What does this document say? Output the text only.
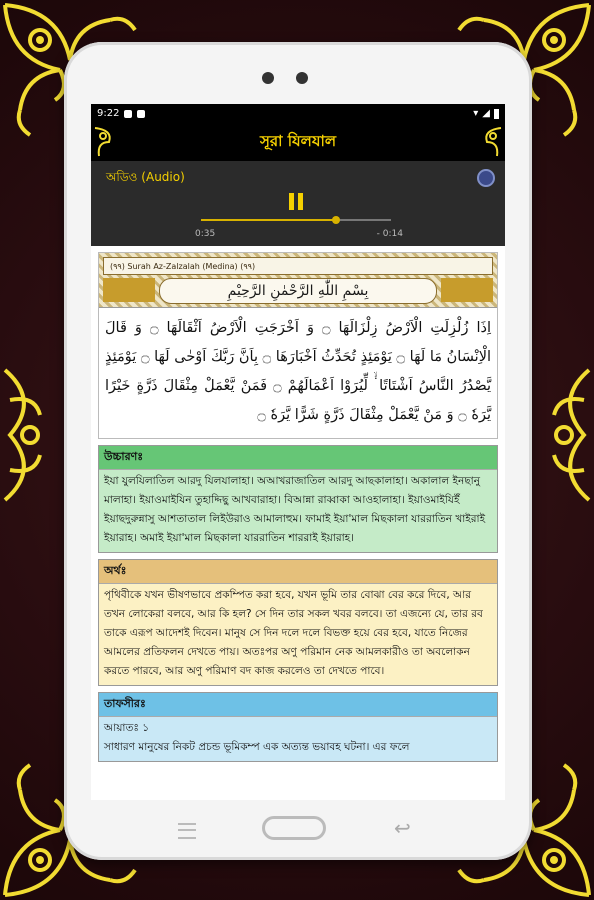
9:22	▾ ◢
সূরা যিলযাল
অডিও (Audio)
0:35	- 0:14
(٩٩) Surah Az-Zalzalah (Medina) (٩٩)
بِسْمِ اللّٰهِ الرَّحْمٰنِ الرَّحِیْمِ
اِذَا زُلْزِلَتِ الْاَرْضُ زِلْزَالَهَا ۝ وَ اَخْرَجَتِ الْاَرْضُ اَثْقَالَهَا ۝ وَ قَالَ الْاِنْسَانُ مَا لَهَا ۝ یَوْمَئِذٍ تُحَدِّثُ اَخْبَارَهَا ۝ بِاَنَّ رَبَّكَ اَوْحٰی لَهَا ۝ یَوْمَئِذٍ یَّصْدُرُ النَّاسُ اَشْتَاتًا ۬ۙ لِّیُرَوْا اَعْمَالَهُمْ ۝ فَمَنْ یَّعْمَلْ مِثْقَالَ ذَرَّةٍ خَیْرًا یَّرَهٗ ۝ وَ مَنْ یَّعْمَلْ مِثْقَالَ ذَرَّةٍ شَرًّا یَّرَهٗ ۝
উচ্চারণঃ
ইযা যুলযিলাতিল আরদু যিলযালাহা। অআখরাজাতিল আরদু আছকালাহা। অকালাল ইনছানু মালাহা। ইয়াওমাইযিন তুহাদ্দিছু আখবারাহা। বিআন্না রাব্বাকা আওহালাহা। ইয়াওমাইযিইঁ ইয়াছদুরুন্নাসু আশতাতাল লিইউরাও আমালাহুম। ফামাই ইয়া'মাল মিছকালা যাররাতিন খাইরাই ইয়ারাহ। অমাই ইয়া'মাল মিছকালা যাররাতিন শাররাই ইয়ারাহ।
অর্থঃ
পৃথিবীকে যখন ভীষণভাবে প্রকম্পিত করা হবে, যখন ভূমি তার বোঝা বের করে দিবে, আর তখন লোকেরা বলবে, আর কি হল? সে দিন তার সকল খবর বলবে। তা এজন্যে যে, তার রব তাকে এরূপ আদেশই দিবেন। মানুষ সে দিন দলে দলে বিভক্ত হয়ে বের হবে, যাতে নিজের আমলের প্রতিফলন দেখতে পায়। অতঃপর অণু পরিমান নেক আমলকারীও তা অবলোকন করতে পারবে, আর অণু পরিমাণ বদ কাজ করলেও তা দেখতে পাবে।
তাফসীরঃ
আয়াতঃ ১
সাধারণ মানুষের নিকট প্রচন্ড ভূমিকম্প এক অত্যন্ত ভয়াবহ ঘটনা। এর ফলে
↩
